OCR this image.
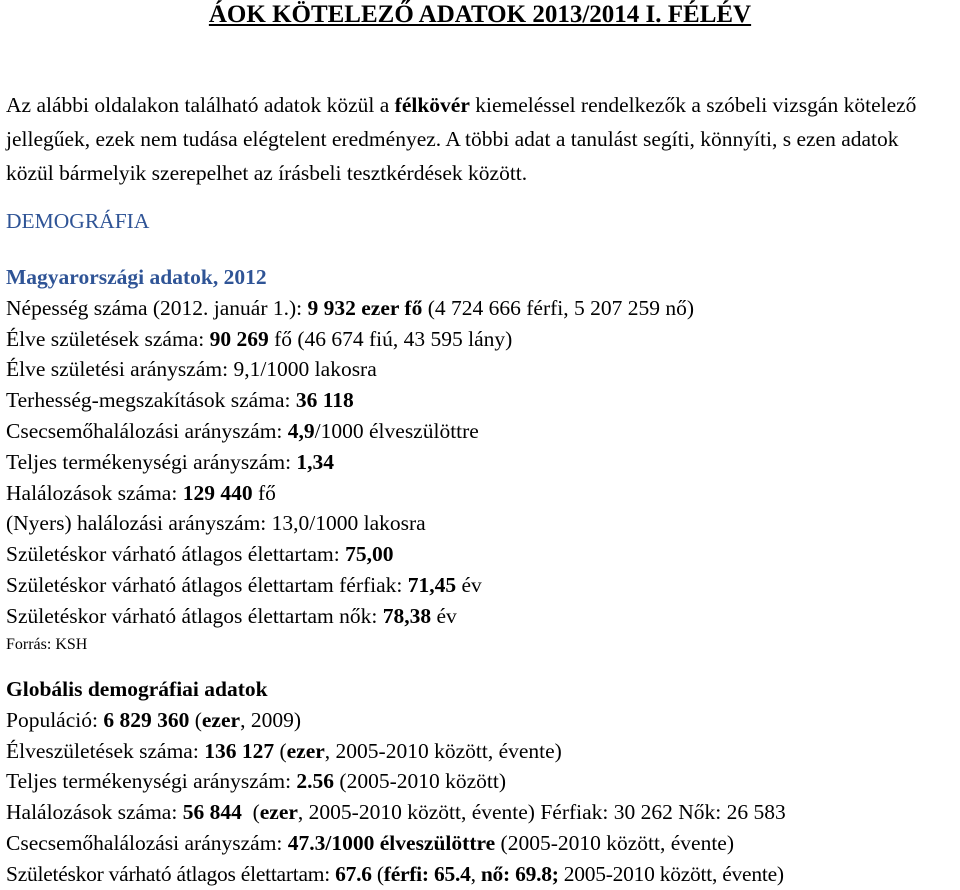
ÁOK KÖTELEZŐ ADATOK 2013/2014 I. FÉLÉV

Az alábbi oldalakon található adatok közül a félkövér kiemeléssel rendelkezők a szóbeli vizsgán kötelező jellegűek, ezek nem tudása elégtelent eredményez. A többi adat a tanulást segíti, könnyíti, s ezen adatok közül bármelyik szerepelhet az írásbeli tesztkérdések között.

DEMOGRÁFIA
Magyarországi adatok, 2012
Népesség száma (2012. január 1.): 9 932 ezer fő (4 724 666 férfi, 5 207 259 nő)
Élve születések száma: 90 269 fő (46 674 fiú, 43 595 lány)
Élve születési arányszám: 9,1/1000 lakosra
Terhesség-megszakítások száma: 36 118
Csecsemőhalálozási arányszám: 4,9/1000 élveszülöttre
Teljes termékenységi arányszám: 1,34
Halálozások száma: 129 440 fő
(Nyers) halálozási arányszám: 13,0/1000 lakosra
Születéskor várható átlagos élettartam: 75,00
Születéskor várható átlagos élettartam férfiak: 71,45 év
Születéskor várható átlagos élettartam nők: 78,38 év
Forrás: KSH
Globális demográfiai adatok
Populáció: 6 829 360 (ezer, 2009)
Élveszületések száma: 136 127 (ezer, 2005-2010 között, évente)
Teljes termékenységi arányszám: 2.56 (2005-2010 között)
Halálozások száma: 56 844  (ezer, 2005-2010 között, évente) Férfiak: 30 262 Nők: 26 583
Csecsemőhalálozási arányszám: 47.3/1000 élveszülöttre (2005-2010 között, évente)
Születéskor várható átlagos élettartam: 67.6 (férfi: 65.4, nő: 69.8; 2005-2010 között, évente)
